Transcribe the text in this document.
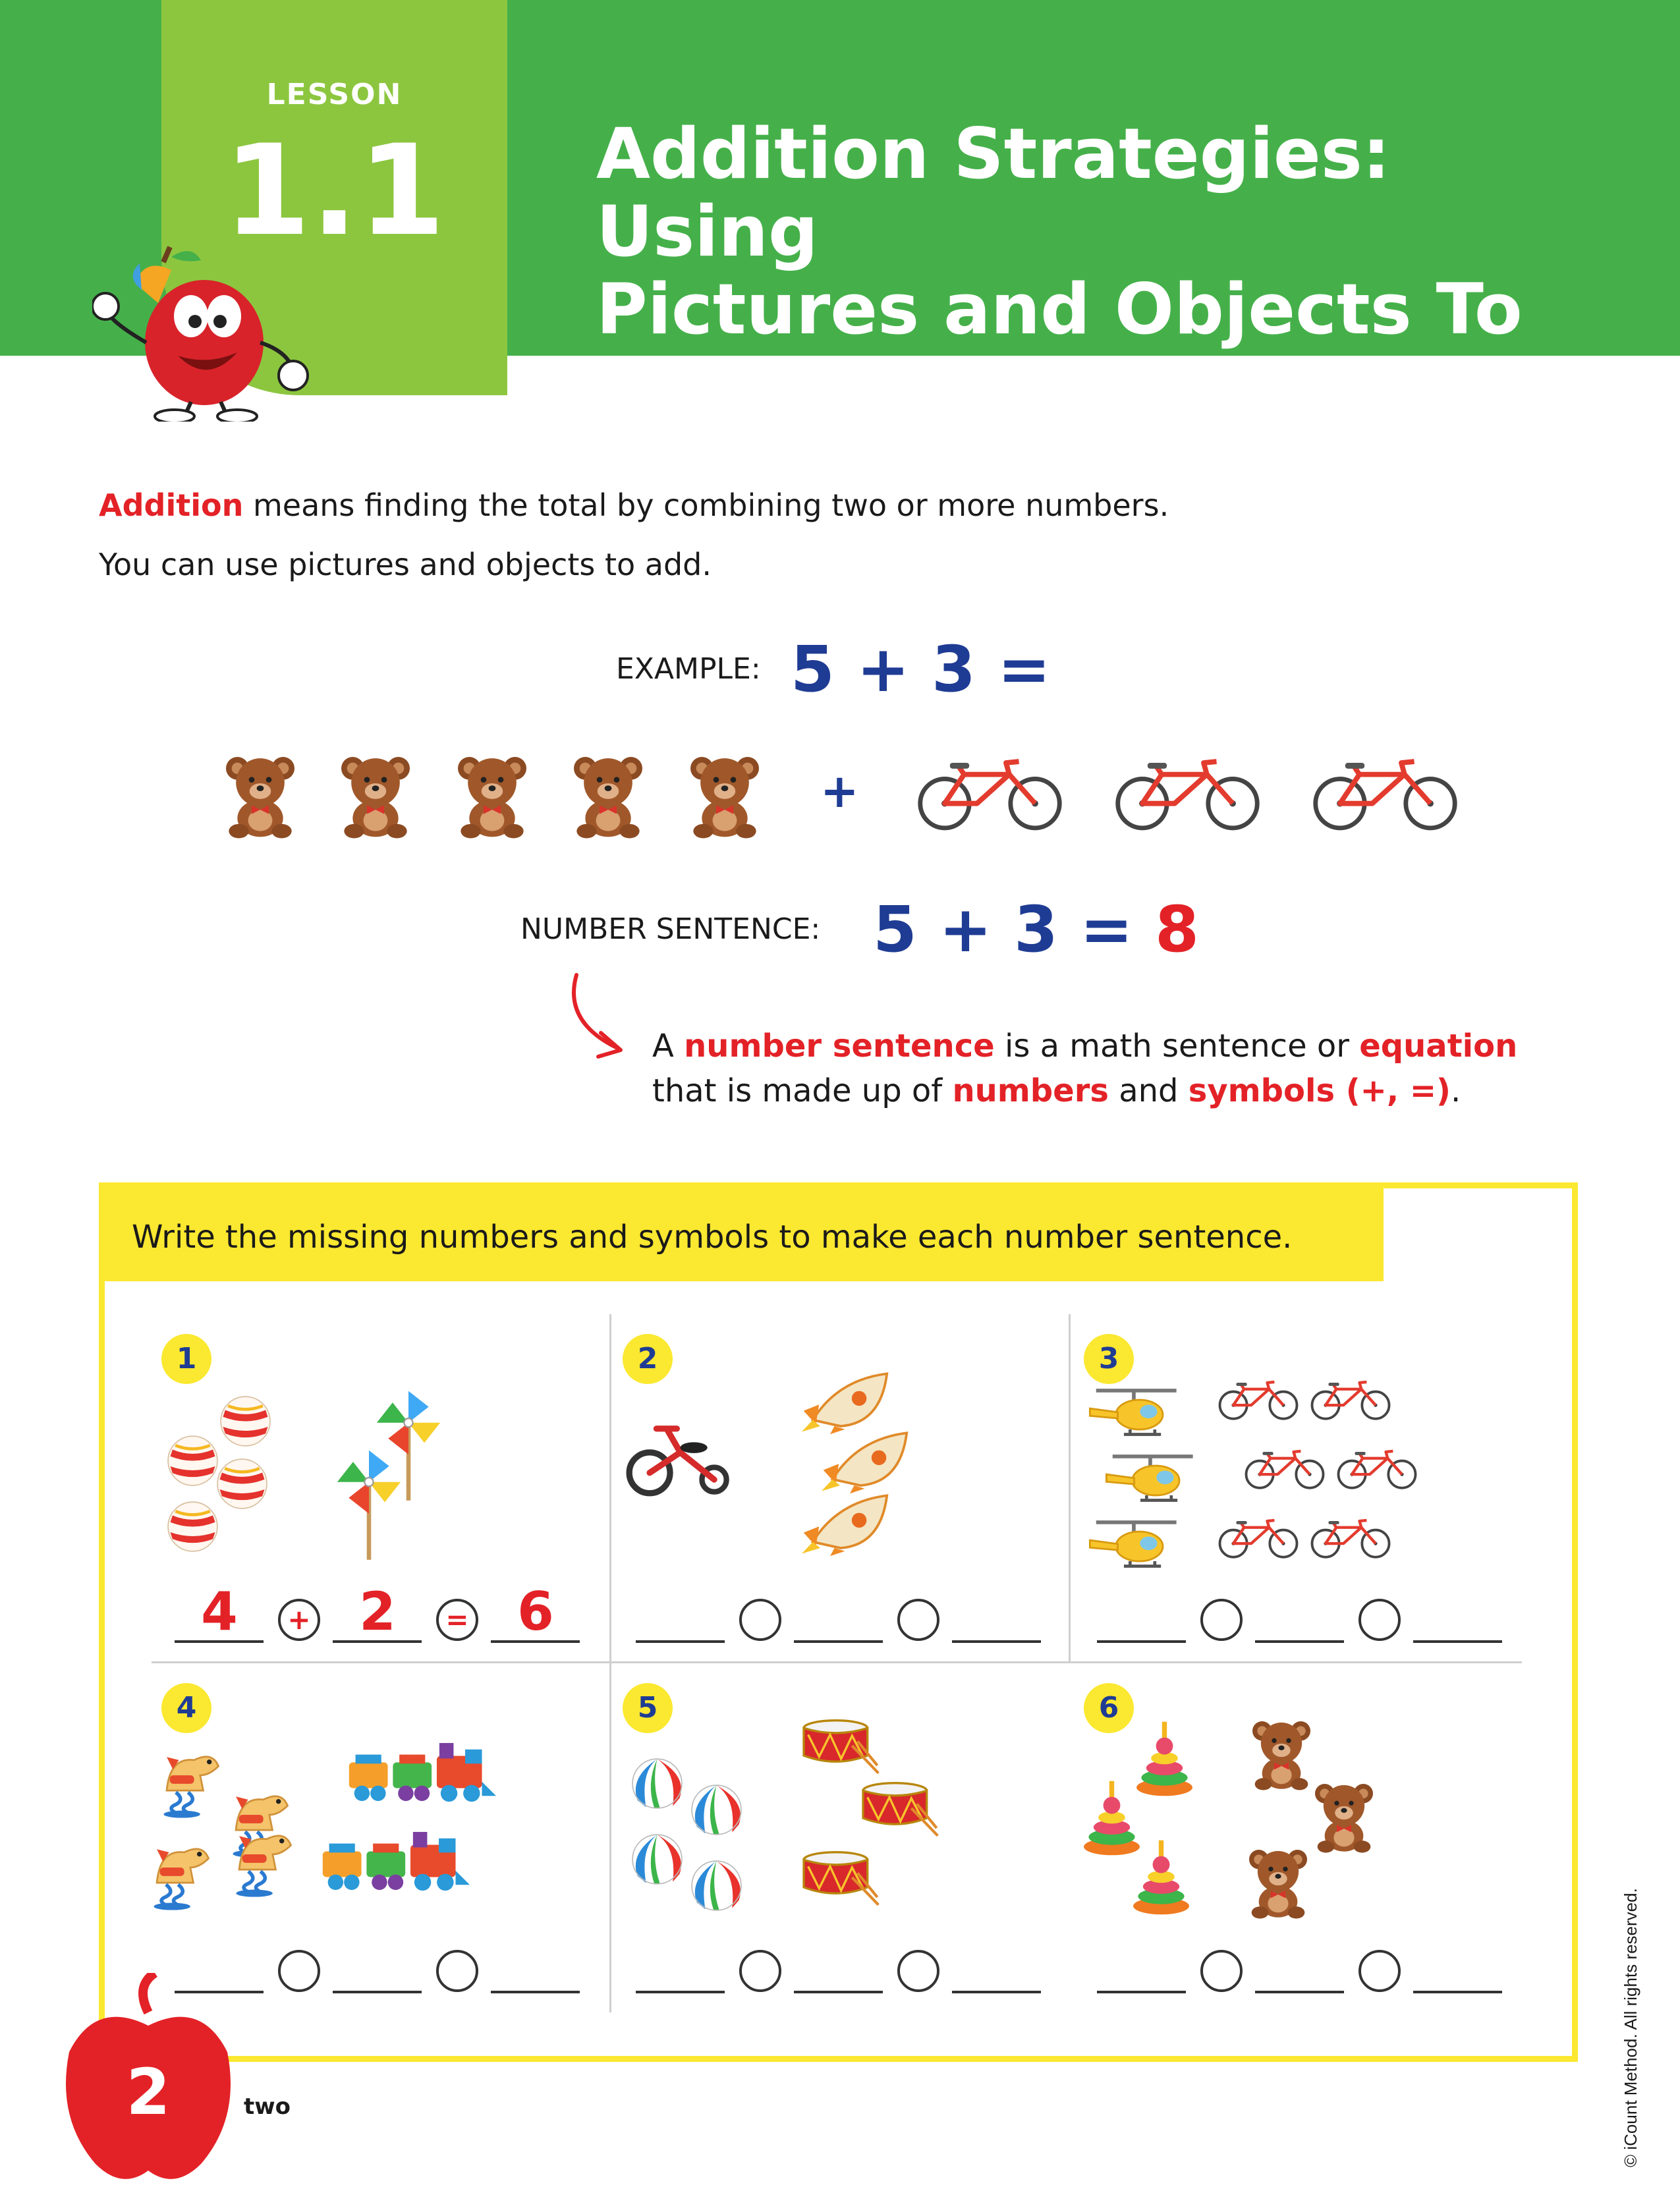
LESSON
1.1	Addition Strategies: Using
Pictures and Objects To Add
Addition means finding the total by combining two or more numbers.
You can use pictures and objects to add.
EXAMPLE: 5 + 3 =
+
NUMBER SENTENCE: 5 + 3 = 8
A number sentence is a math sentence or equation
that is made up of numbers and symbols (+, =).
Write the missing numbers and symbols to make each number sentence.
1	2	3
4	5	6
4	+ 2	= 6
2	two	© iCount Method. All rights reserved.
